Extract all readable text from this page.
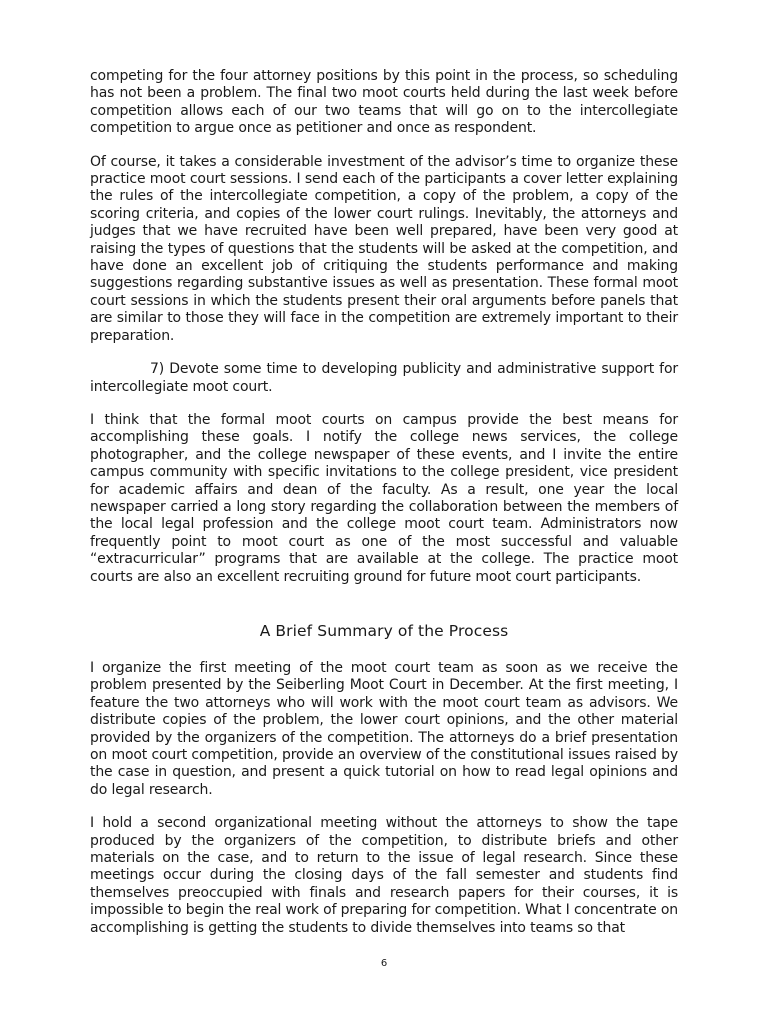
competing for the four attorney positions by this point in the process, so scheduling has not been a problem. The final two moot courts held during the last week before competition allows each of our two teams that will go on to the intercollegiate competition to argue once as petitioner and once as respondent.

Of course, it takes a considerable investment of the advisor’s time to organize these practice moot court sessions. I send each of the participants a cover letter explaining the rules of the intercollegiate competition, a copy of the problem, a copy of the scoring criteria, and copies of the lower court rulings. Inevitably, the attorneys and judges that we have recruited have been well prepared, have been very good at raising the types of questions that the students will be asked at the competition, and have done an excellent job of critiquing the students performance and making suggestions regarding substantive issues as well as presentation. These formal moot court sessions in which the students present their oral arguments before panels that are similar to those they will face in the competition are extremely important to their preparation.

7) Devote some time to developing publicity and administrative support for intercollegiate moot court.

I think that the formal moot courts on campus provide the best means for accomplishing these goals. I notify the college news services, the college photographer, and the college newspaper of these events, and I invite the entire campus community with specific invitations to the college president, vice president for academic affairs and dean of the faculty. As a result, one year the local newspaper carried a long story regarding the collaboration between the members of the local legal profession and the college moot court team. Administrators now frequently point to moot court as one of the most successful and valuable “extracurricular” programs that are available at the college. The practice moot courts are also an excellent recruiting ground for future moot court participants.

A Brief Summary of the Process

I organize the first meeting of the moot court team as soon as we receive the problem presented by the Seiberling Moot Court in December. At the first meeting, I feature the two attorneys who will work with the moot court team as advisors. We distribute copies of the problem, the lower court opinions, and the other material provided by the organizers of the competition. The attorneys do a brief presentation on moot court competition, provide an overview of the constitutional issues raised by the case in question, and present a quick tutorial on how to read legal opinions and do legal research.

I hold a second organizational meeting without the attorneys to show the tape produced by the organizers of the competition, to distribute briefs and other materials on the case, and to return to the issue of legal research. Since these meetings occur during the closing days of the fall semester and students find themselves preoccupied with finals and research papers for their courses, it is impossible to begin the real work of preparing for competition. What I concentrate on accomplishing is getting the students to divide themselves into teams so that

6
